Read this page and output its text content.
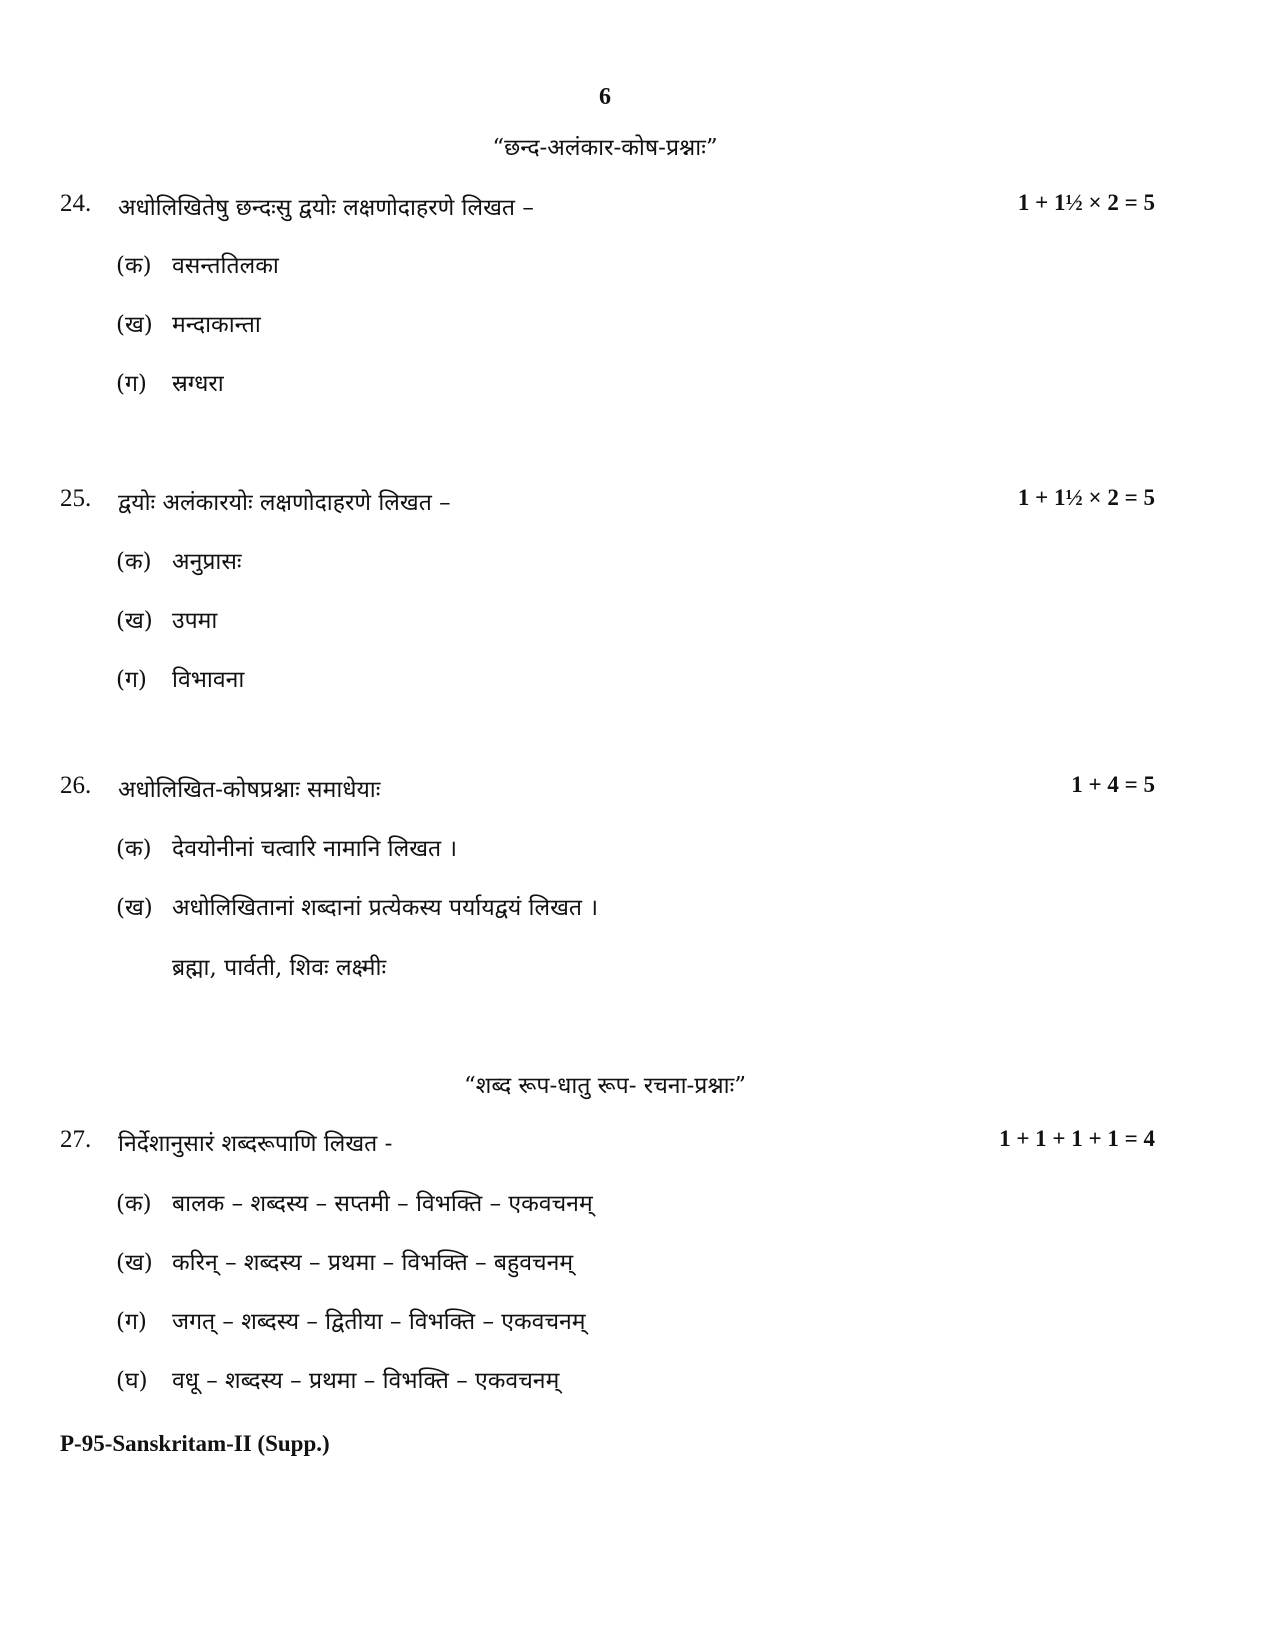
6
“छन्द-अलंकार-कोष-प्रश्नाः”
24. अधोलिखितेषु छन्दःसु द्वयोः लक्षणोदाहरणे लिखत –	1 + 1½ × 2 = 5
(क) वसन्ततिलका
(ख) मन्दाकान्ता
(ग) स्रग्धरा
25. द्वयोः अलंकारयोः लक्षणोदाहरणे लिखत –	1 + 1½ × 2 = 5
(क) अनुप्रासः
(ख) उपमा
(ग) विभावना
26. अधोलिखित-कोषप्रश्नाः समाधेयाः	1 + 4 = 5
(क) देवयोनीनां चत्वारि नामानि लिखत ।
(ख) अधोलिखितानां शब्दानां प्रत्येकस्य पर्यायद्वयं लिखत ।
ब्रह्मा, पार्वती, शिवः लक्ष्मीः
“शब्द रूप-धातु रूप- रचना-प्रश्नाः”
27. निर्देशानुसारं शब्दरूपाणि लिखत -	1 + 1 + 1 + 1 = 4
(क) बालक – शब्दस्य – सप्तमी – विभक्ति – एकवचनम्
(ख) करिन् – शब्दस्य – प्रथमा – विभक्ति – बहुवचनम्
(ग) जगत् – शब्दस्य – द्वितीया – विभक्ति – एकवचनम्
(घ) वधू – शब्दस्य – प्रथमा – विभक्ति – एकवचनम्
P-95-Sanskritam-II (Supp.)
